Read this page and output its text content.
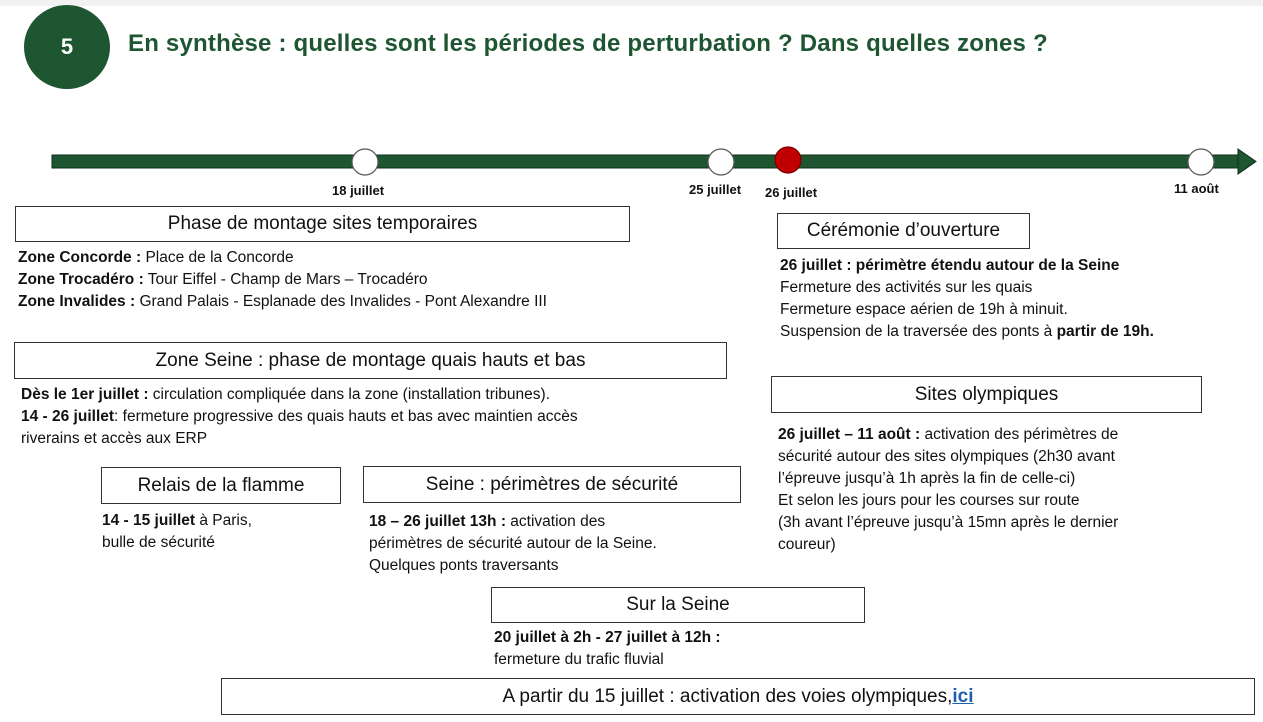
5	En synthèse : quelles sont les périodes de perturbation ? Dans quelles zones ?
18 juillet	25 juillet 26 juillet	11 août
Phase de montage sites temporaires
Zone Concorde : Place de la Concorde
Zone Trocadéro : Tour Eiffel - Champ de Mars – Trocadéro
Zone Invalides : Grand Palais - Esplanade des Invalides - Pont Alexandre III
Zone Seine : phase de montage quais hauts et bas
Dès le 1er juillet : circulation compliquée dans la zone (installation tribunes).
14 - 26 juillet: fermeture progressive des quais hauts et bas avec maintien accès
riverains et accès aux ERP
Relais de la flamme
14 - 15 juillet à Paris,
bulle de sécurité
Seine : périmètres de sécurité
18 – 26 juillet 13h : activation des
périmètres de sécurité autour de la Seine.
Quelques ponts traversants
Sur la Seine
20 juillet à 2h - 27 juillet à 12h :
fermeture du trafic fluvial
Cérémonie d’ouverture
26 juillet : périmètre étendu autour de la Seine
Fermeture des activités sur les quais
Fermeture espace aérien de 19h à minuit.
Suspension de la traversée des ponts à partir de 19h.
Sites olympiques
26 juillet – 11 août : activation des périmètres de
sécurité autour des sites olympiques (2h30 avant
l’épreuve jusqu’à 1h après la fin de celle-ci)
Et selon les jours pour les courses sur route
(3h avant l’épreuve jusqu’à 15mn après le dernier
coureur)
A partir du 15 juillet : activation des voies olympiques, ici
